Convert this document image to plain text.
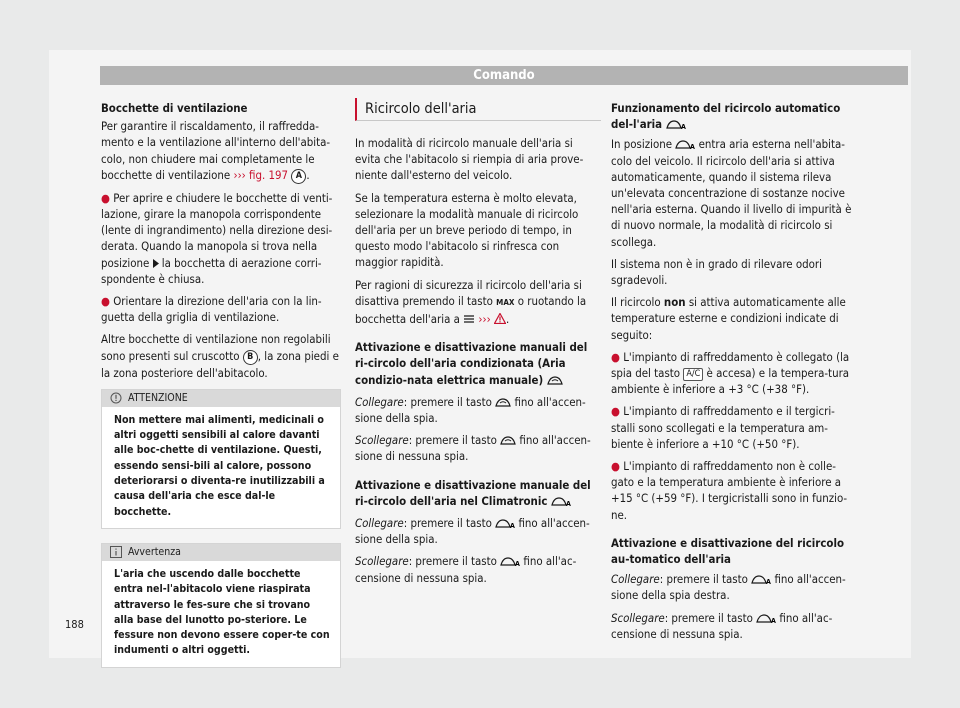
Comando

Bocchette di ventilazione

Per garantire il riscaldamento, il raffredda-mento e la ventilazione all'interno dell'abita-colo, non chiudere mai completamente le bocchette di ventilazione ››› fig. 197 A .

● Per aprire e chiudere le bocchette di venti-lazione, girare la manopola corrispondente (lente di ingrandimento) nella direzione desi-derata. Quando la manopola si trova nella posizione la bocchetta di aerazione corri-spondente è chiusa.

● Orientare la direzione dell'aria con la lin-guetta della griglia di ventilazione.

Altre bocchette di ventilazione non regolabili sono presenti sul cruscotto B , la zona piedi e la zona posteriore dell'abitacolo.

ATTENZIONE
Non mettere mai alimenti, medicinali o altri oggetti sensibili al calore davanti alle boc-chette di ventilazione. Questi, essendo sensi-bili al calore, possono deteriorarsi o diventa-re inutilizzabili a causa dell'aria che esce dal-le bocchette.
Avvertenza
L'aria che uscendo dalle bocchette entra nel-l'abitacolo viene riaspirata attraverso le fes-sure che si trovano alla base del lunotto po-steriore. Le fessure non devono essere coper-te con indumenti o altri oggetti.
Ricircolo dell'aria

In modalità di ricircolo manuale dell'aria si evita che l'abitacolo si riempia di aria prove-niente dall'esterno del veicolo.

Se la temperatura esterna è molto elevata, selezionare la modalità manuale di ricircolo dell'aria per un breve periodo di tempo, in questo modo l'abitacolo si rinfresca con maggior rapidità.

Per ragioni di sicurezza il ricircolo dell'aria si disattiva premendo il tasto MAX o ruotando la bocchetta dell'aria a ››› .

Attivazione e disattivazione manuali del ri-circolo dell'aria condizionata (Aria condizio-nata elettrica manuale)

Collegare: premere il tasto fino all'accen-sione della spia.

Scollegare: premere il tasto fino all'accen-sione di nessuna spia.

Attivazione e disattivazione manuale del ri-circolo dell'aria nel Climatronic	A

Collegare: premere il tasto	A fino all'accen-sione della spia.

Scollegare: premere il tasto	A fino all'ac-censione di nessuna spia.

Funzionamento del ricircolo automatico del-l'aria	A

In posizione	A entra aria esterna nell'abita-colo del veicolo. Il ricircolo dell'aria si attiva automaticamente, quando il sistema rileva un'elevata concentrazione di sostanze nocive nell'aria esterna. Quando il livello di impurità è di nuovo normale, la modalità di ricircolo si scollega.

Il sistema non è in grado di rilevare odori sgradevoli.

Il ricircolo non si attiva automaticamente alle temperature esterne e condizioni indicate di seguito:

● L'impianto di raffreddamento è collegato (la spia del tasto A/C è accesa) e la tempera-tura ambiente è inferiore a +3 °C (+38 °F).

● L'impianto di raffreddamento e il tergicri-stalli sono scollegati e la temperatura am-biente è inferiore a +10 °C (+50 °F).

● L'impianto di raffreddamento non è colle-gato e la temperatura ambiente è inferiore a +15 °C (+59 °F). I tergicristalli sono in funzio-ne.

Attivazione e disattivazione del ricircolo au-tomatico dell'aria

Collegare: premere il tasto	A fino all'accen-sione della spia destra.

Scollegare: premere il tasto	A fino all'ac-censione di nessuna spia.

188
